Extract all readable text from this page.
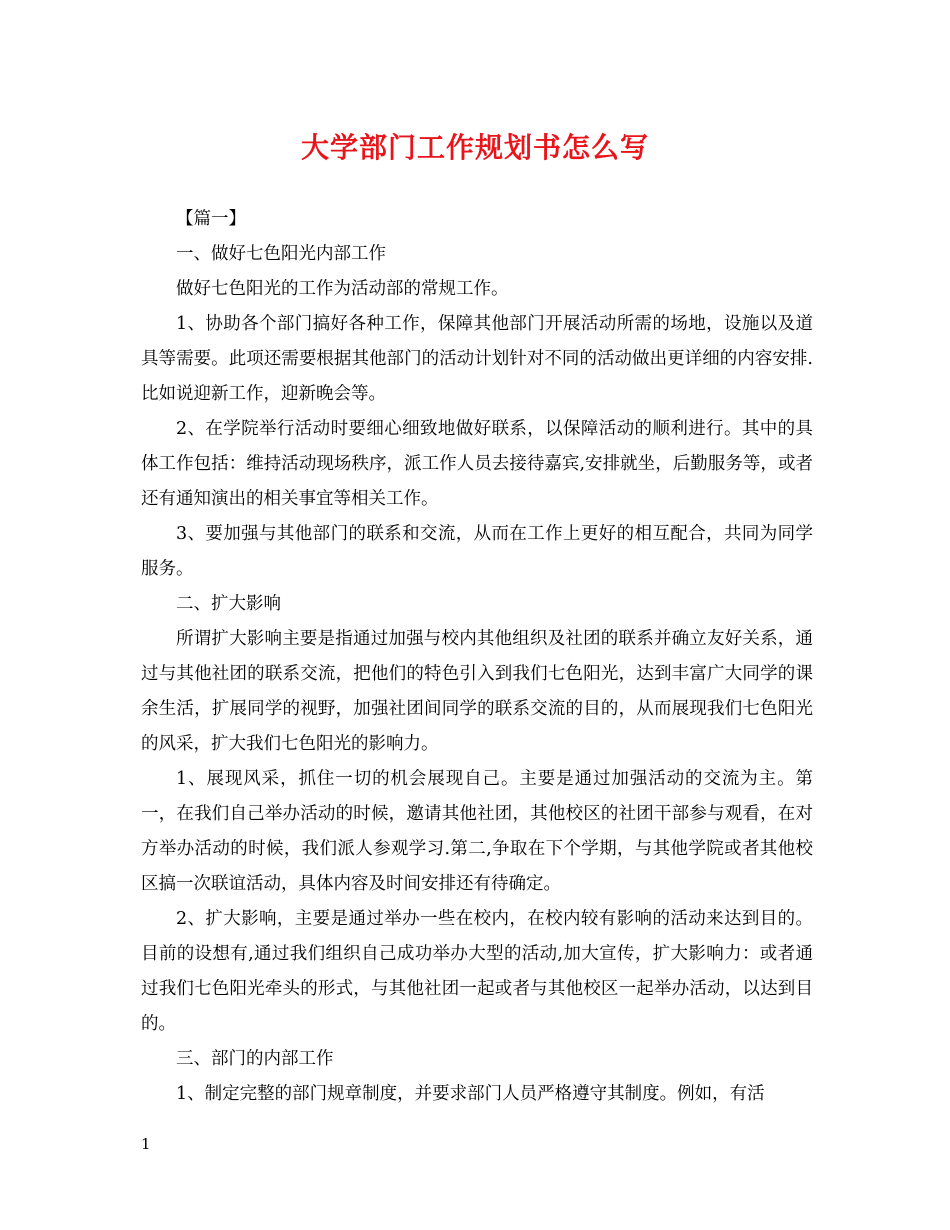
大学部门工作规划书怎么写

【篇一】

一、做好七色阳光内部工作

做好七色阳光的工作为活动部的常规工作。

1、协助各个部门搞好各种工作，保障其他部门开展活动所需的场地，设施以及道具等需要。此项还需要根据其他部门的活动计划针对不同的活动做出更详细的内容安排.比如说迎新工作，迎新晚会等。

2、在学院举行活动时要细心细致地做好联系，以保障活动的顺利进行。其中的具体工作包括：维持活动现场秩序，派工作人员去接待嘉宾,安排就坐，后勤服务等，或者还有通知演出的相关事宜等相关工作。

3、要加强与其他部门的联系和交流，从而在工作上更好的相互配合，共同为同学服务。

二、扩大影响

所谓扩大影响主要是指通过加强与校内其他组织及社团的联系并确立友好关系，通过与其他社团的联系交流，把他们的特色引入到我们七色阳光，达到丰富广大同学的课余生活，扩展同学的视野，加强社团间同学的联系交流的目的，从而展现我们七色阳光的风采，扩大我们七色阳光的影响力。

1、展现风采，抓住一切的机会展现自己。主要是通过加强活动的交流为主。第一，在我们自己举办活动的时候，邀请其他社团，其他校区的社团干部参与观看，在对方举办活动的时候，我们派人参观学习.第二,争取在下个学期，与其他学院或者其他校区搞一次联谊活动，具体内容及时间安排还有待确定。

2、扩大影响，主要是通过举办一些在校内，在校内较有影响的活动来达到目的。目前的设想有,通过我们组织自己成功举办大型的活动,加大宣传，扩大影响力：或者通过我们七色阳光牵头的形式，与其他社团一起或者与其他校区一起举办活动，以达到目的。

三、部门的内部工作

1、制定完整的部门规章制度，并要求部门人员严格遵守其制度。例如，有活

1
